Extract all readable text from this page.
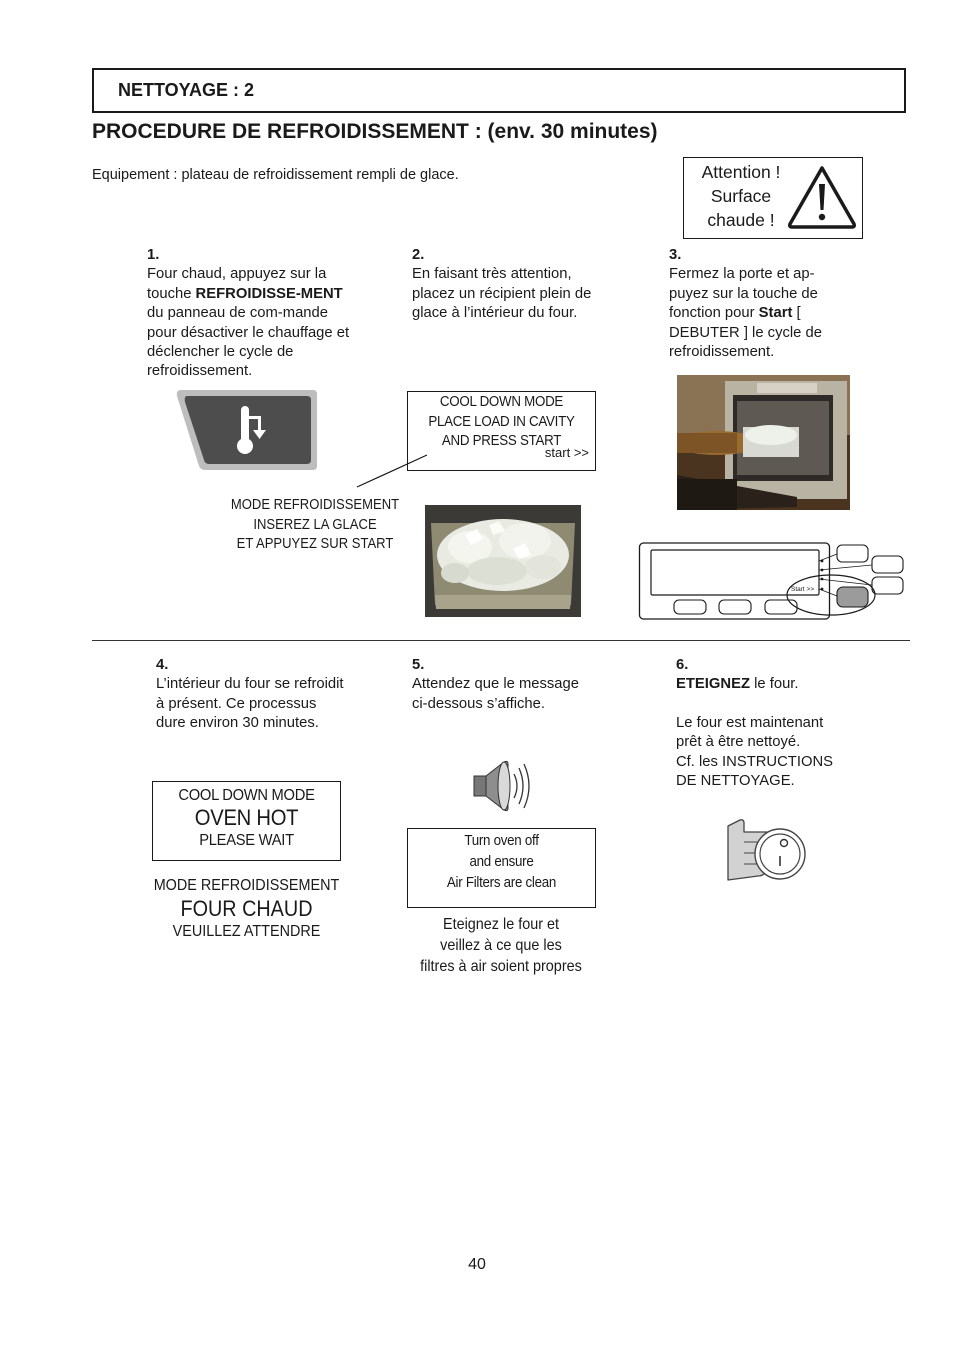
NETTOYAGE : 2
PROCEDURE DE REFROIDISSEMENT : (env. 30 minutes)
Equipement : plateau de refroidissement rempli de glace.	Attention !
Surface
chaude !
1.
Four chaud, appuyez sur la touche REFROIDISSE-MENT du panneau de com-mande pour désactiver le chauffage et déclencher le cycle de refroidissement.
2.
En faisant très attention, placez un récipient plein de glace à l’intérieur du four.
3.
Fermez la porte et ap-puyez sur la touche de fonction pour Start [ DEBUTER ] le cycle de refroidissement.
COOL DOWN MODE
PLACE LOAD IN CAVITY
AND PRESS START
start >>
MODE REFROIDISSEMENT
INSEREZ LA GLACE
ET APPUYEZ SUR START
Start >>
4.
L’intérieur du four se refroidit à présent. Ce processus dure environ 30 minutes.
5.
Attendez que le message ci-dessous s’affiche.
6.
ETEIGNEZ le four.
Le four est maintenant
prêt à être nettoyé.
Cf. les INSTRUCTIONS
DE NETTOYAGE.
COOL DOWN MODE
OVEN HOT
PLEASE WAIT
MODE REFROIDISSEMENT
FOUR CHAUD
VEUILLEZ ATTENDRE
Turn oven off
and ensure
Air Filters are clean
Eteignez le four et
veillez à ce que les
filtres à air soient propres
40
